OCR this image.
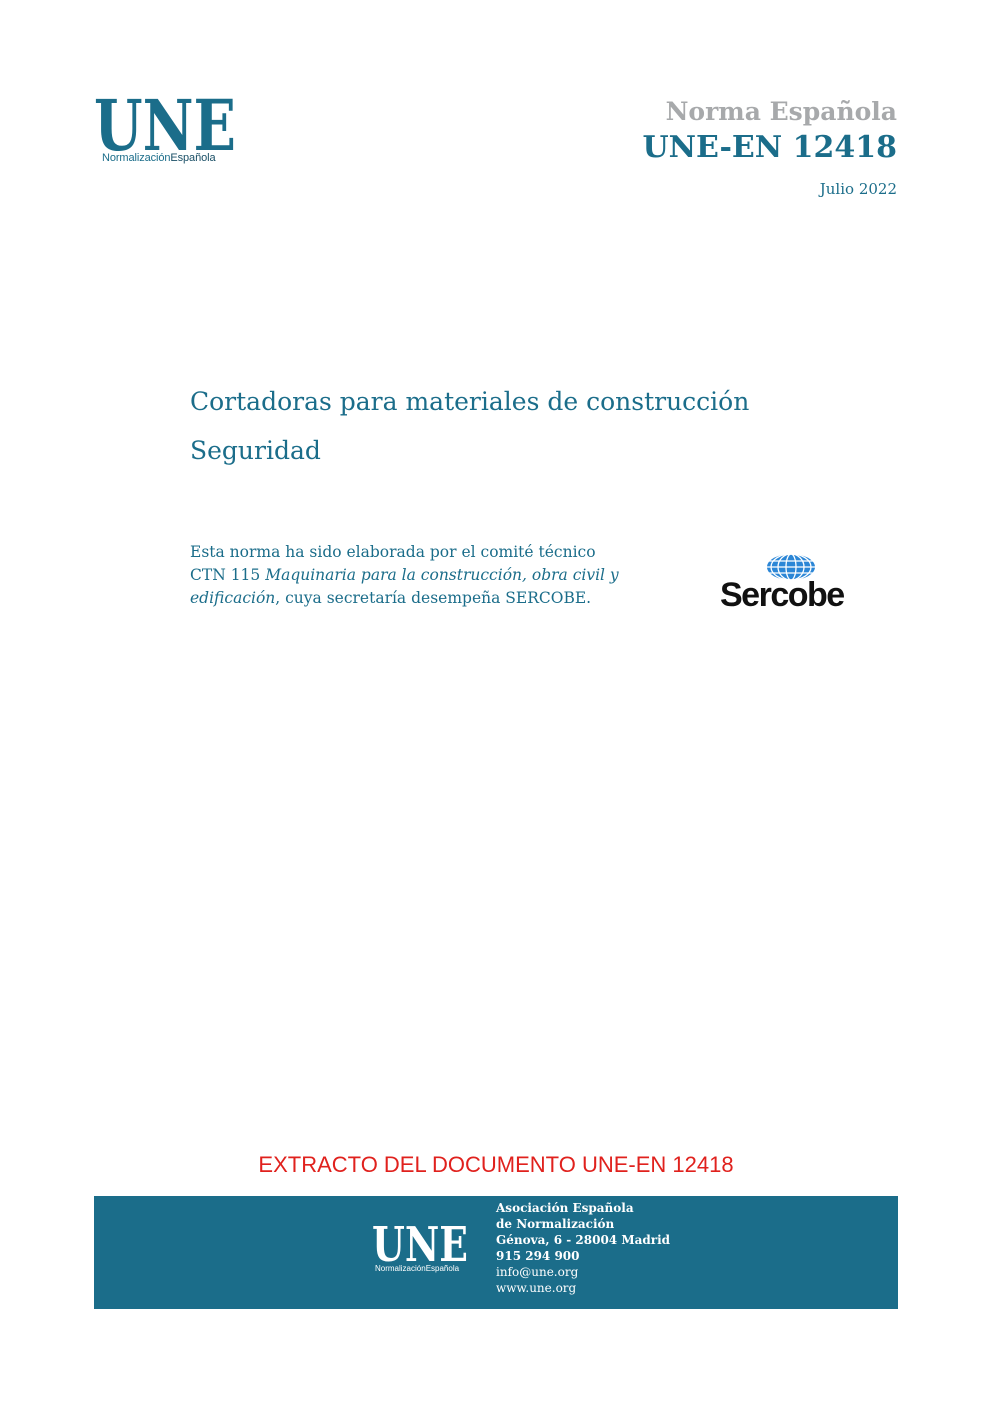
UNE
NormalizaciónEspañola
Norma Española
UNE-EN 12418
Julio 2022
Cortadoras para materiales de construcción
Seguridad

Esta norma ha sido elaborada por el comité técnico

CTN 115 Maquinaria para la construcción, obra civil y

edificación, cuya secretaría desempeña SERCOBE.	Sercobe
EXTRACTO DEL DOCUMENTO UNE-EN 12418
UNE
NormalizaciónEspañola
Asociación Española
de Normalización
Génova, 6 - 28004 Madrid
915 294 900
info@une.org
www.une.org
